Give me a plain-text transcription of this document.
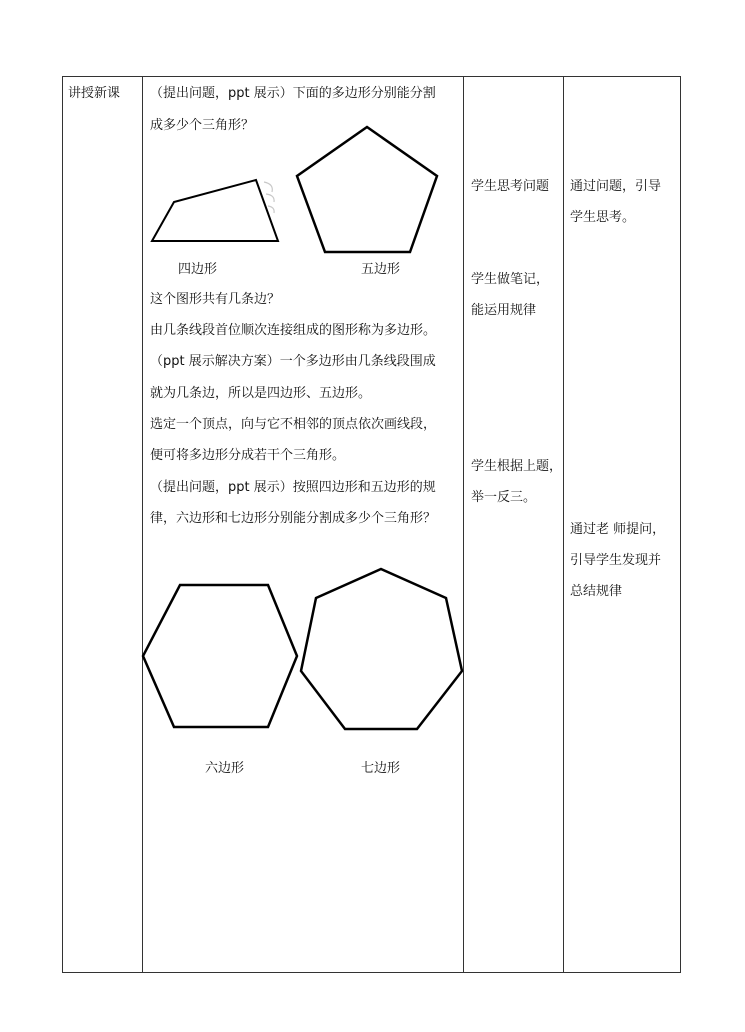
讲授新课 （提出问题，ppt 展示）下面的多边形分别能分割
成多少个三角形？
四边形	五边形
这个图形共有几条边？
由几条线段首位顺次连接组成的图形称为多边形。
（ppt 展示解决方案）一个多边形由几条线段围成
就为几条边，所以是四边形、五边形。
选定一个顶点，向与它不相邻的顶点依次画线段，
便可将多边形分成若干个三角形。
（提出问题，ppt 展示）按照四边形和五边形的规
律，六边形和七边形分别能分割成多少个三角形？
六边形	七边形
学生思考问题
学生做笔记，
能运用规律
学生根据上题，
举一反三。
通过问题，引导
学生思考。
通过老 师提问，
引导学生发现并
总结规律
